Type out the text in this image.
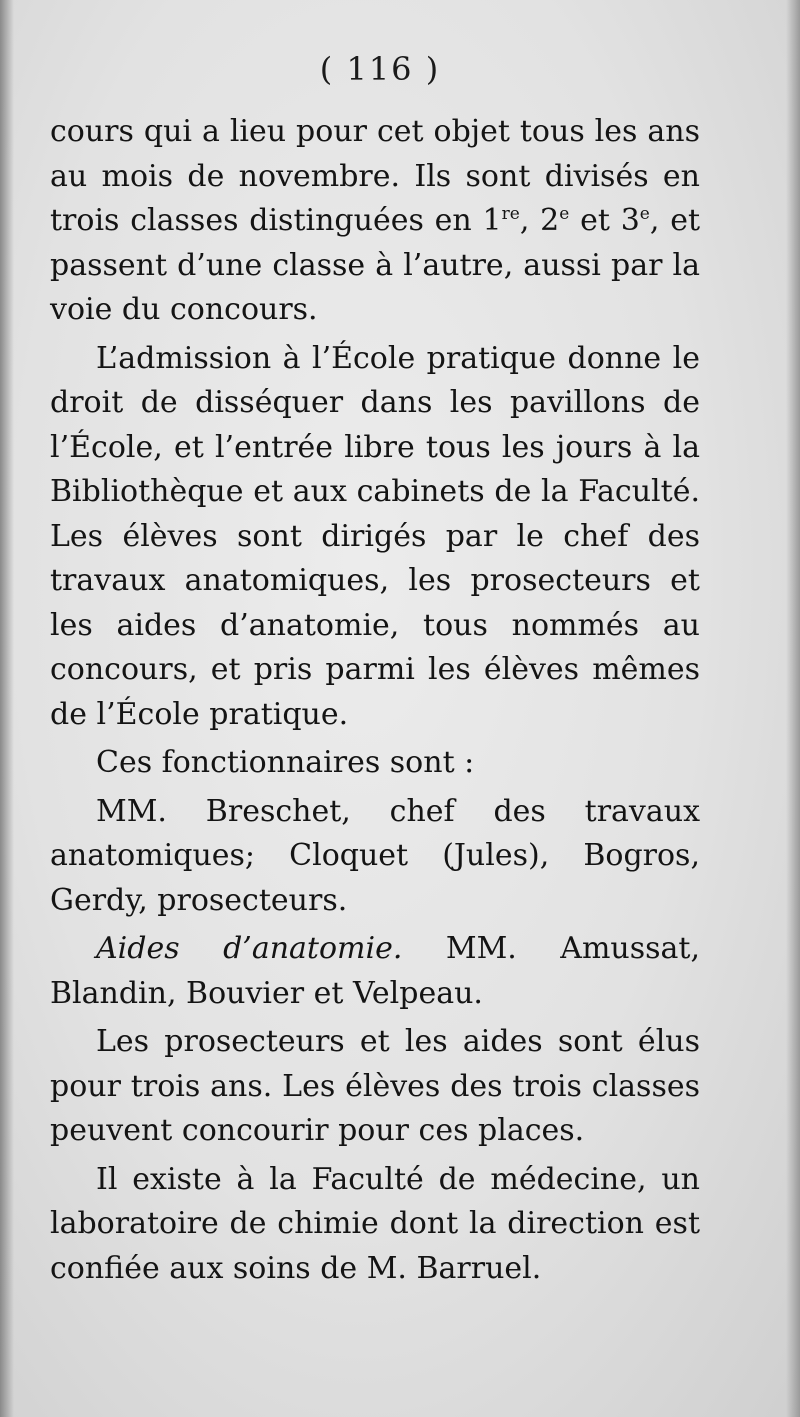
( 116 )

cours qui a lieu pour cet objet tous les ans au mois de novembre. Ils sont divisés en trois classes distinguées en 1re, 2e et 3e, et passent d’une classe à l’autre, aussi par la voie du concours.

L’admission à l’École pratique donne le droit de disséquer dans les pavillons de l’École, et l’entrée libre tous les jours à la Bibliothèque et aux cabinets de la Faculté. Les élèves sont dirigés par le chef des travaux anatomiques, les prosecteurs et les aides d’anatomie, tous nommés au concours, et pris parmi les élèves mêmes de l’École pratique.

Ces fonctionnaires sont :

MM. Breschet, chef des travaux anatomiques; Cloquet (Jules), Bogros, Gerdy, prosecteurs.

Aides d’anatomie. MM. Amussat, Blandin, Bouvier et Velpeau.

Les prosecteurs et les aides sont élus pour trois ans. Les élèves des trois classes peuvent concourir pour ces places.

Il existe à la Faculté de médecine, un laboratoire de chimie dont la direction est confiée aux soins de M. Barruel.
